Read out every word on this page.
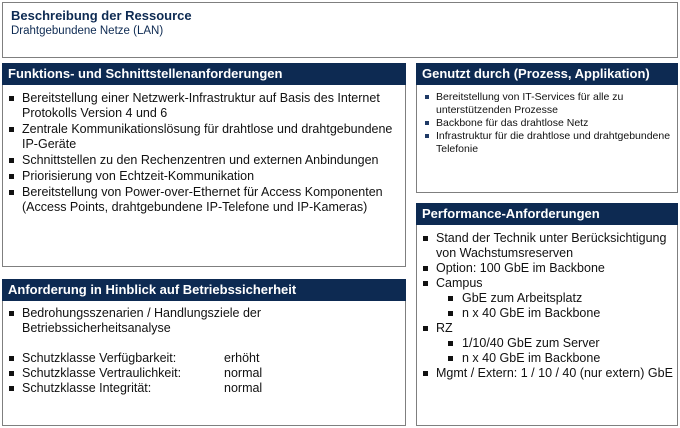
Beschreibung der Ressource
Drahtgebundene Netze (LAN)
Funktions- und Schnittstellenanforderungen
Bereitstellung einer Netzwerk-Infrastruktur auf Basis des Internet Protokolls Version 4 und 6
Zentrale Kommunikationslösung für drahtlose und drahtgebundene IP-Geräte
Schnittstellen zu den Rechenzentren und externen Anbindungen
Priorisierung von Echtzeit-Kommunikation
Bereitstellung von Power-over-Ethernet für Access Komponenten (Access Points, drahtgebundene IP-Telefone und IP-Kameras)
Anforderung in Hinblick auf Betriebssicherheit
Bedrohungsszenarien / Handlungsziele der Betriebssicherheitsanalyse
Schutzklasse Verfügbarkeit:	erhöht
Schutzklasse Vertraulichkeit:	normal
Schutzklasse Integrität:	normal
Genutzt durch (Prozess, Applikation)
Bereitstellung von IT-Services für alle zu unterstützenden Prozesse
Backbone für das drahtlose Netz
Infrastruktur für die drahtlose und drahtgebundene Telefonie
Performance-Anforderungen
Stand der Technik unter Berücksichtigung von Wachstumsreserven
Option: 100 GbE im Backbone
Campus
GbE zum Arbeitsplatz
n x 40 GbE im Backbone
RZ
1/10/40 GbE zum Server
n x 40 GbE im Backbone
Mgmt / Extern: 1 / 10 / 40 (nur extern) GbE
